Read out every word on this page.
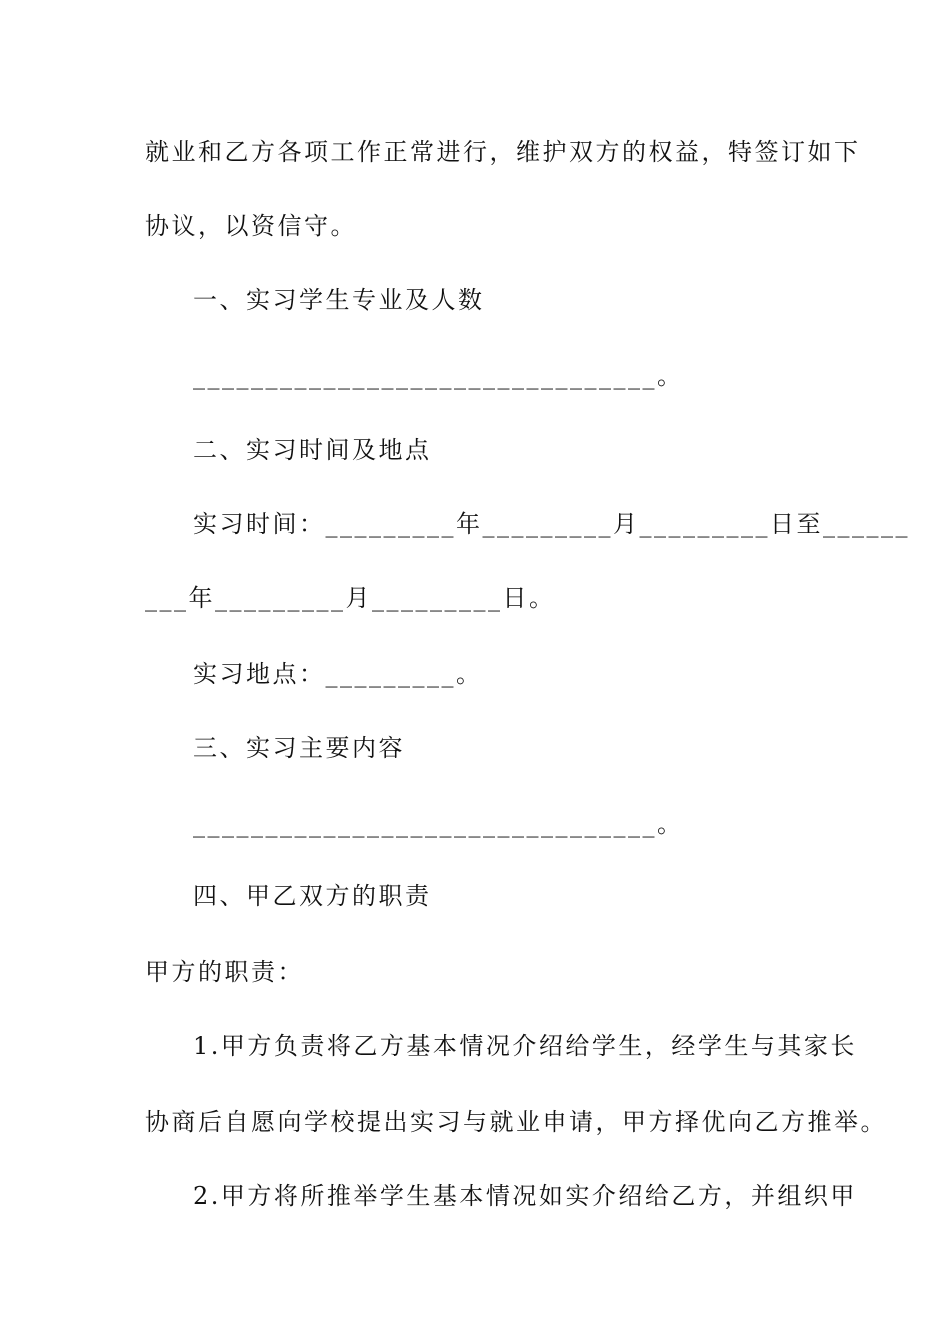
就业和乙方各项工作正常进行，维护双方的权益，特签订如下
协议，以资信守。
一、实习学生专业及人数
________________________________。
二、实习时间及地点
实习时间：_________年_________月_________日至______
___年_________月_________日。
实习地点：_________。
三、实习主要内容
________________________________。
四、甲乙双方的职责
甲方的职责：
1.甲方负责将乙方基本情况介绍给学生，经学生与其家长
协商后自愿向学校提出实习与就业申请，甲方择优向乙方推举。
2.甲方将所推举学生基本情况如实介绍给乙方，并组织甲
